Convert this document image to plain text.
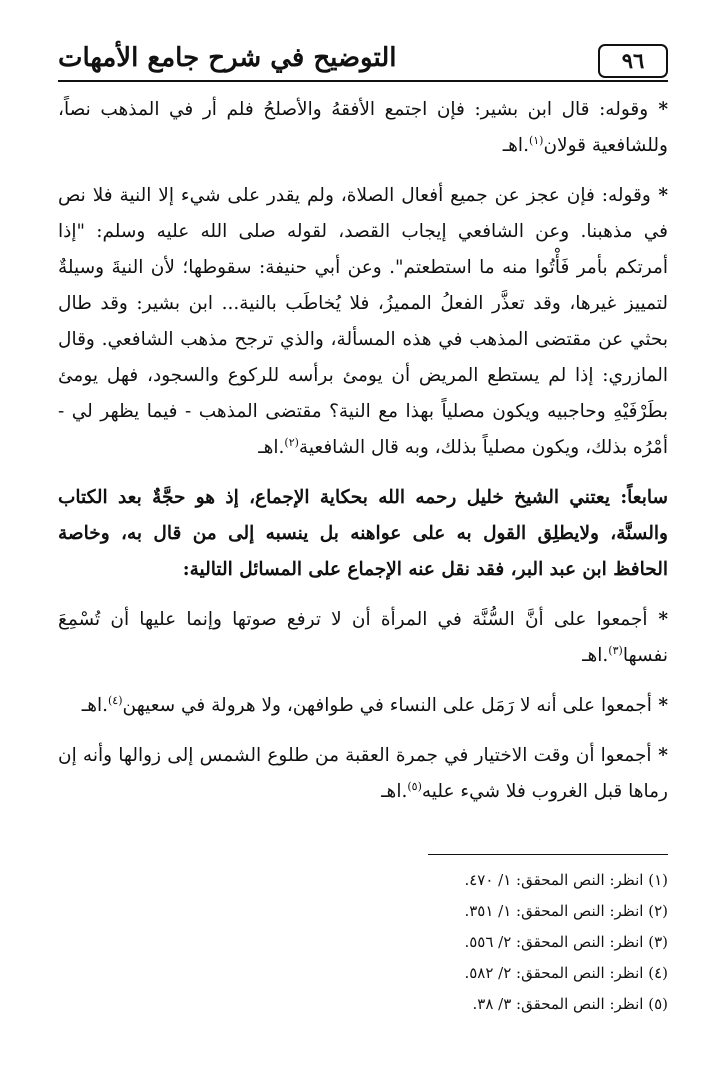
٩٦
التوضيح في شرح جامع الأمهات

* وقوله: قال ابن بشير: فإن اجتمع الأفقهُ والأصلحُ فلم أر في المذهب نصاً، وللشافعية قولان$^{(١)}$.اهـ

* وقوله: فإن عجز عن جميع أفعال الصلاة، ولم يقدر على شيء إلا النية فلا نص في مذهبنا. وعن الشافعي إيجاب القصد، لقوله صلى الله عليه وسلم: "إذا أمرتكم بأمر فَأْتُوا منه ما استطعتم". وعن أبي حنيفة: سقوطها؛ لأن النيةَ وسيلةٌ لتمييز غيرها، وقد تعذَّر الفعلُ المميزُ، فلا يُخاطَب بالنية... ابن بشير: وقد طال بحثي عن مقتضى المذهب في هذه المسألة، والذي ترجح مذهب الشافعي. وقال المازري: إذا لم يستطع المريض أن يومئ برأسه للركوع والسجود، فهل يومئ بطَرْفَيْهِ وحاجبيه ويكون مصلياً بهذا مع النية؟ مقتضى المذهب - فيما يظهر لي - أمْرُه بذلك، ويكون مصلياً بذلك، وبه قال الشافعية$^{(٢)}$.اهـ

سابعاً: يعتني الشيخ خليل رحمه الله بحكاية الإجماع، إذ هو حجَّةٌ بعد الكتاب والسنَّة، ولايطلِق القول به على عواهنه بل ينسبه إلى من قال به، وخاصة الحافظ ابن عبد البر، فقد نقل عنه الإجماع على المسائل التالية:

* أجمعوا على أنَّ السُّنَّة في المرأة أن لا ترفع صوتها وإنما عليها أن تُسْمِعَ نفسها$^{(٣)}$.اهـ

* أجمعوا على أنه لا رَمَل على النساء في طوافهن، ولا هرولة في سعيهن$^{(٤)}$.اهـ

* أجمعوا أن وقت الاختيار في جمرة العقبة من طلوع الشمس إلى زوالها وأنه إن رماها قبل الغروب فلا شيء عليه$^{(٥)}$.اهـ

(١) انظر: النص المحقق: ١/ ٤٧٠.
(٢) انظر: النص المحقق: ١/ ٣٥١.
(٣) انظر: النص المحقق: ٢/ ٥٥٦.
(٤) انظر: النص المحقق: ٢/ ٥٨٢.
(٥) انظر: النص المحقق: ٣/ ٣٨.
